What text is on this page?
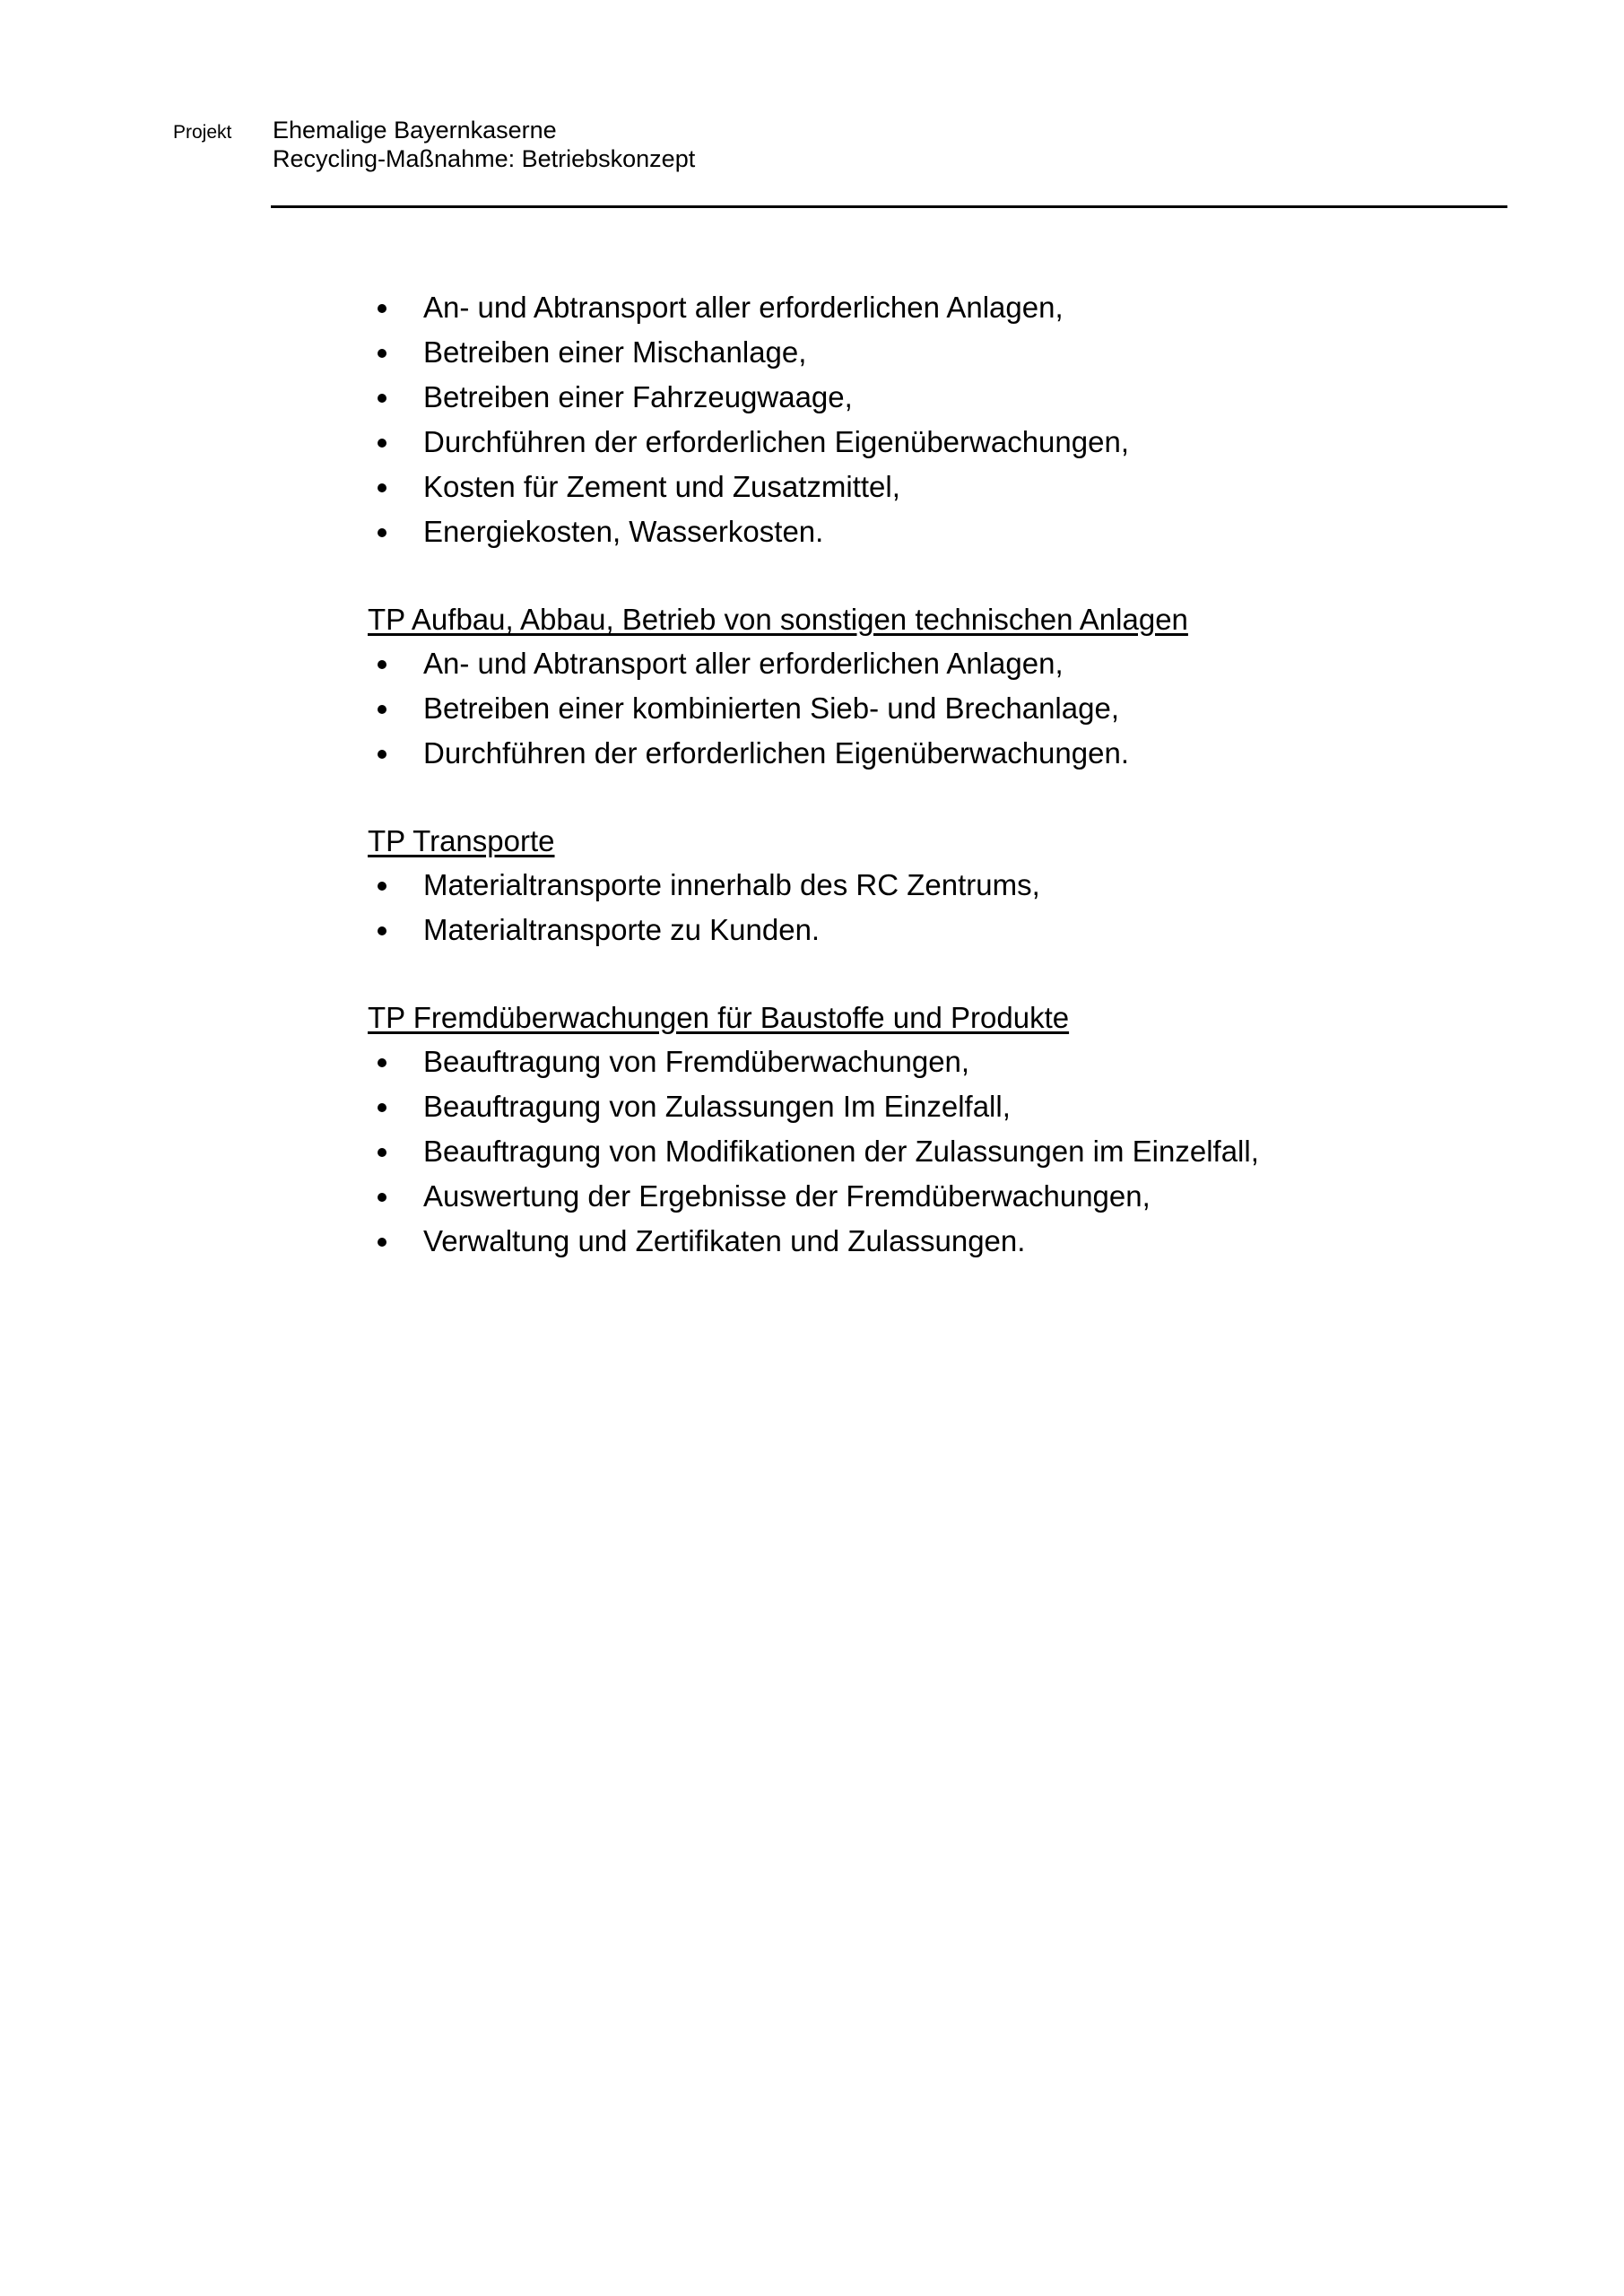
Projekt Ehemalige Bayernkaserne
Recycling-Maßnahme: Betriebskonzept
An- und Abtransport aller erforderlichen Anlagen,
Betreiben einer Mischanlage,
Betreiben einer Fahrzeugwaage,
Durchführen der erforderlichen Eigenüberwachungen,
Kosten für Zement und Zusatzmittel,
Energiekosten, Wasserkosten.
TP Aufbau, Abbau, Betrieb von sonstigen technischen Anlagen
An- und Abtransport aller erforderlichen Anlagen,
Betreiben einer kombinierten Sieb- und Brechanlage,
Durchführen der erforderlichen Eigenüberwachungen.
TP Transporte
Materialtransporte innerhalb des RC Zentrums,
Materialtransporte zu Kunden.
TP Fremdüberwachungen für Baustoffe und Produkte
Beauftragung von Fremdüberwachungen,
Beauftragung von Zulassungen Im Einzelfall,
Beauftragung von Modifikationen der Zulassungen im Einzelfall,
Auswertung der Ergebnisse der Fremdüberwachungen,
Verwaltung und Zertifikaten und Zulassungen.
